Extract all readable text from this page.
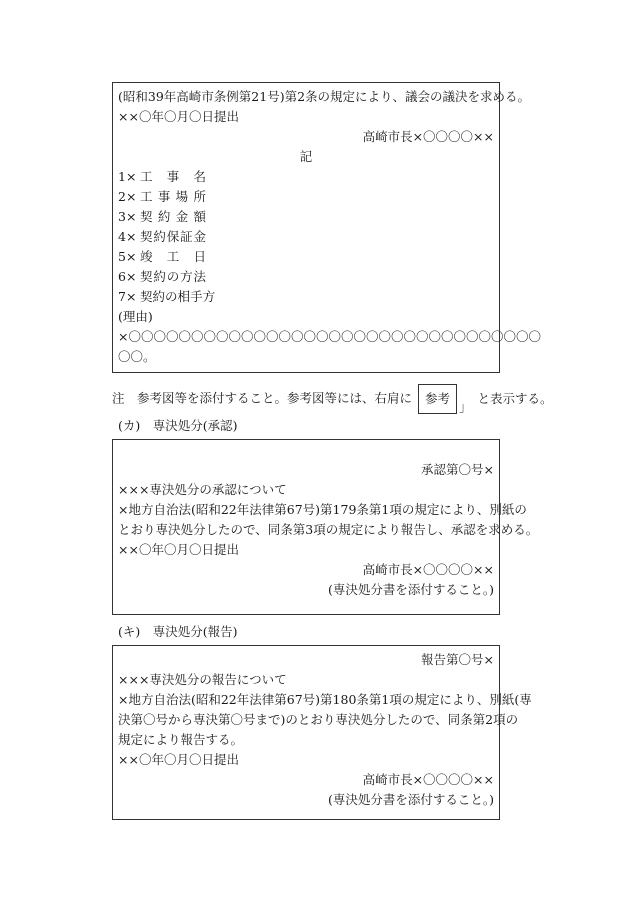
(昭和39年高崎市条例第21号)第2条の規定により、議会の議決を求める。
××〇年〇月〇日提出
高崎市長×〇〇〇〇××
記
1× 工 事 名
2× 工 事 場 所
3× 契 約 金 額
4× 契 約 保 証 金
5× 竣 工 日
6× 契 約 の 方 法
7× 契 約 の 相 手 方
(理由)
×〇〇〇〇〇〇〇〇〇〇〇〇〇〇〇〇〇〇〇〇〇〇〇〇〇〇〇〇〇〇〇〇〇
〇〇。
注　参考図等を添付すること。参考図等には、右肩に 参考 」と表示する。
(カ)　専決処分(承認)
承認第〇号×
×××専決処分の承認について
×地方自治法(昭和22年法律第67号)第179条第1項の規定により、別紙の
とおり専決処分したので、同条第3項の規定により報告し、承認を求める。
××〇年〇月〇日提出
高崎市長×〇〇〇〇××
(専決処分書を添付すること。)
(キ)　専決処分(報告)
報告第〇号×
×××専決処分の報告について
×地方自治法(昭和22年法律第67号)第180条第1項の規定により、別紙(専
決第〇号から専決第〇号まで)のとおり専決処分したので、同条第2項の
規定により報告する。
××〇年〇月〇日提出
高崎市長×〇〇〇〇××
(専決処分書を添付すること。)
